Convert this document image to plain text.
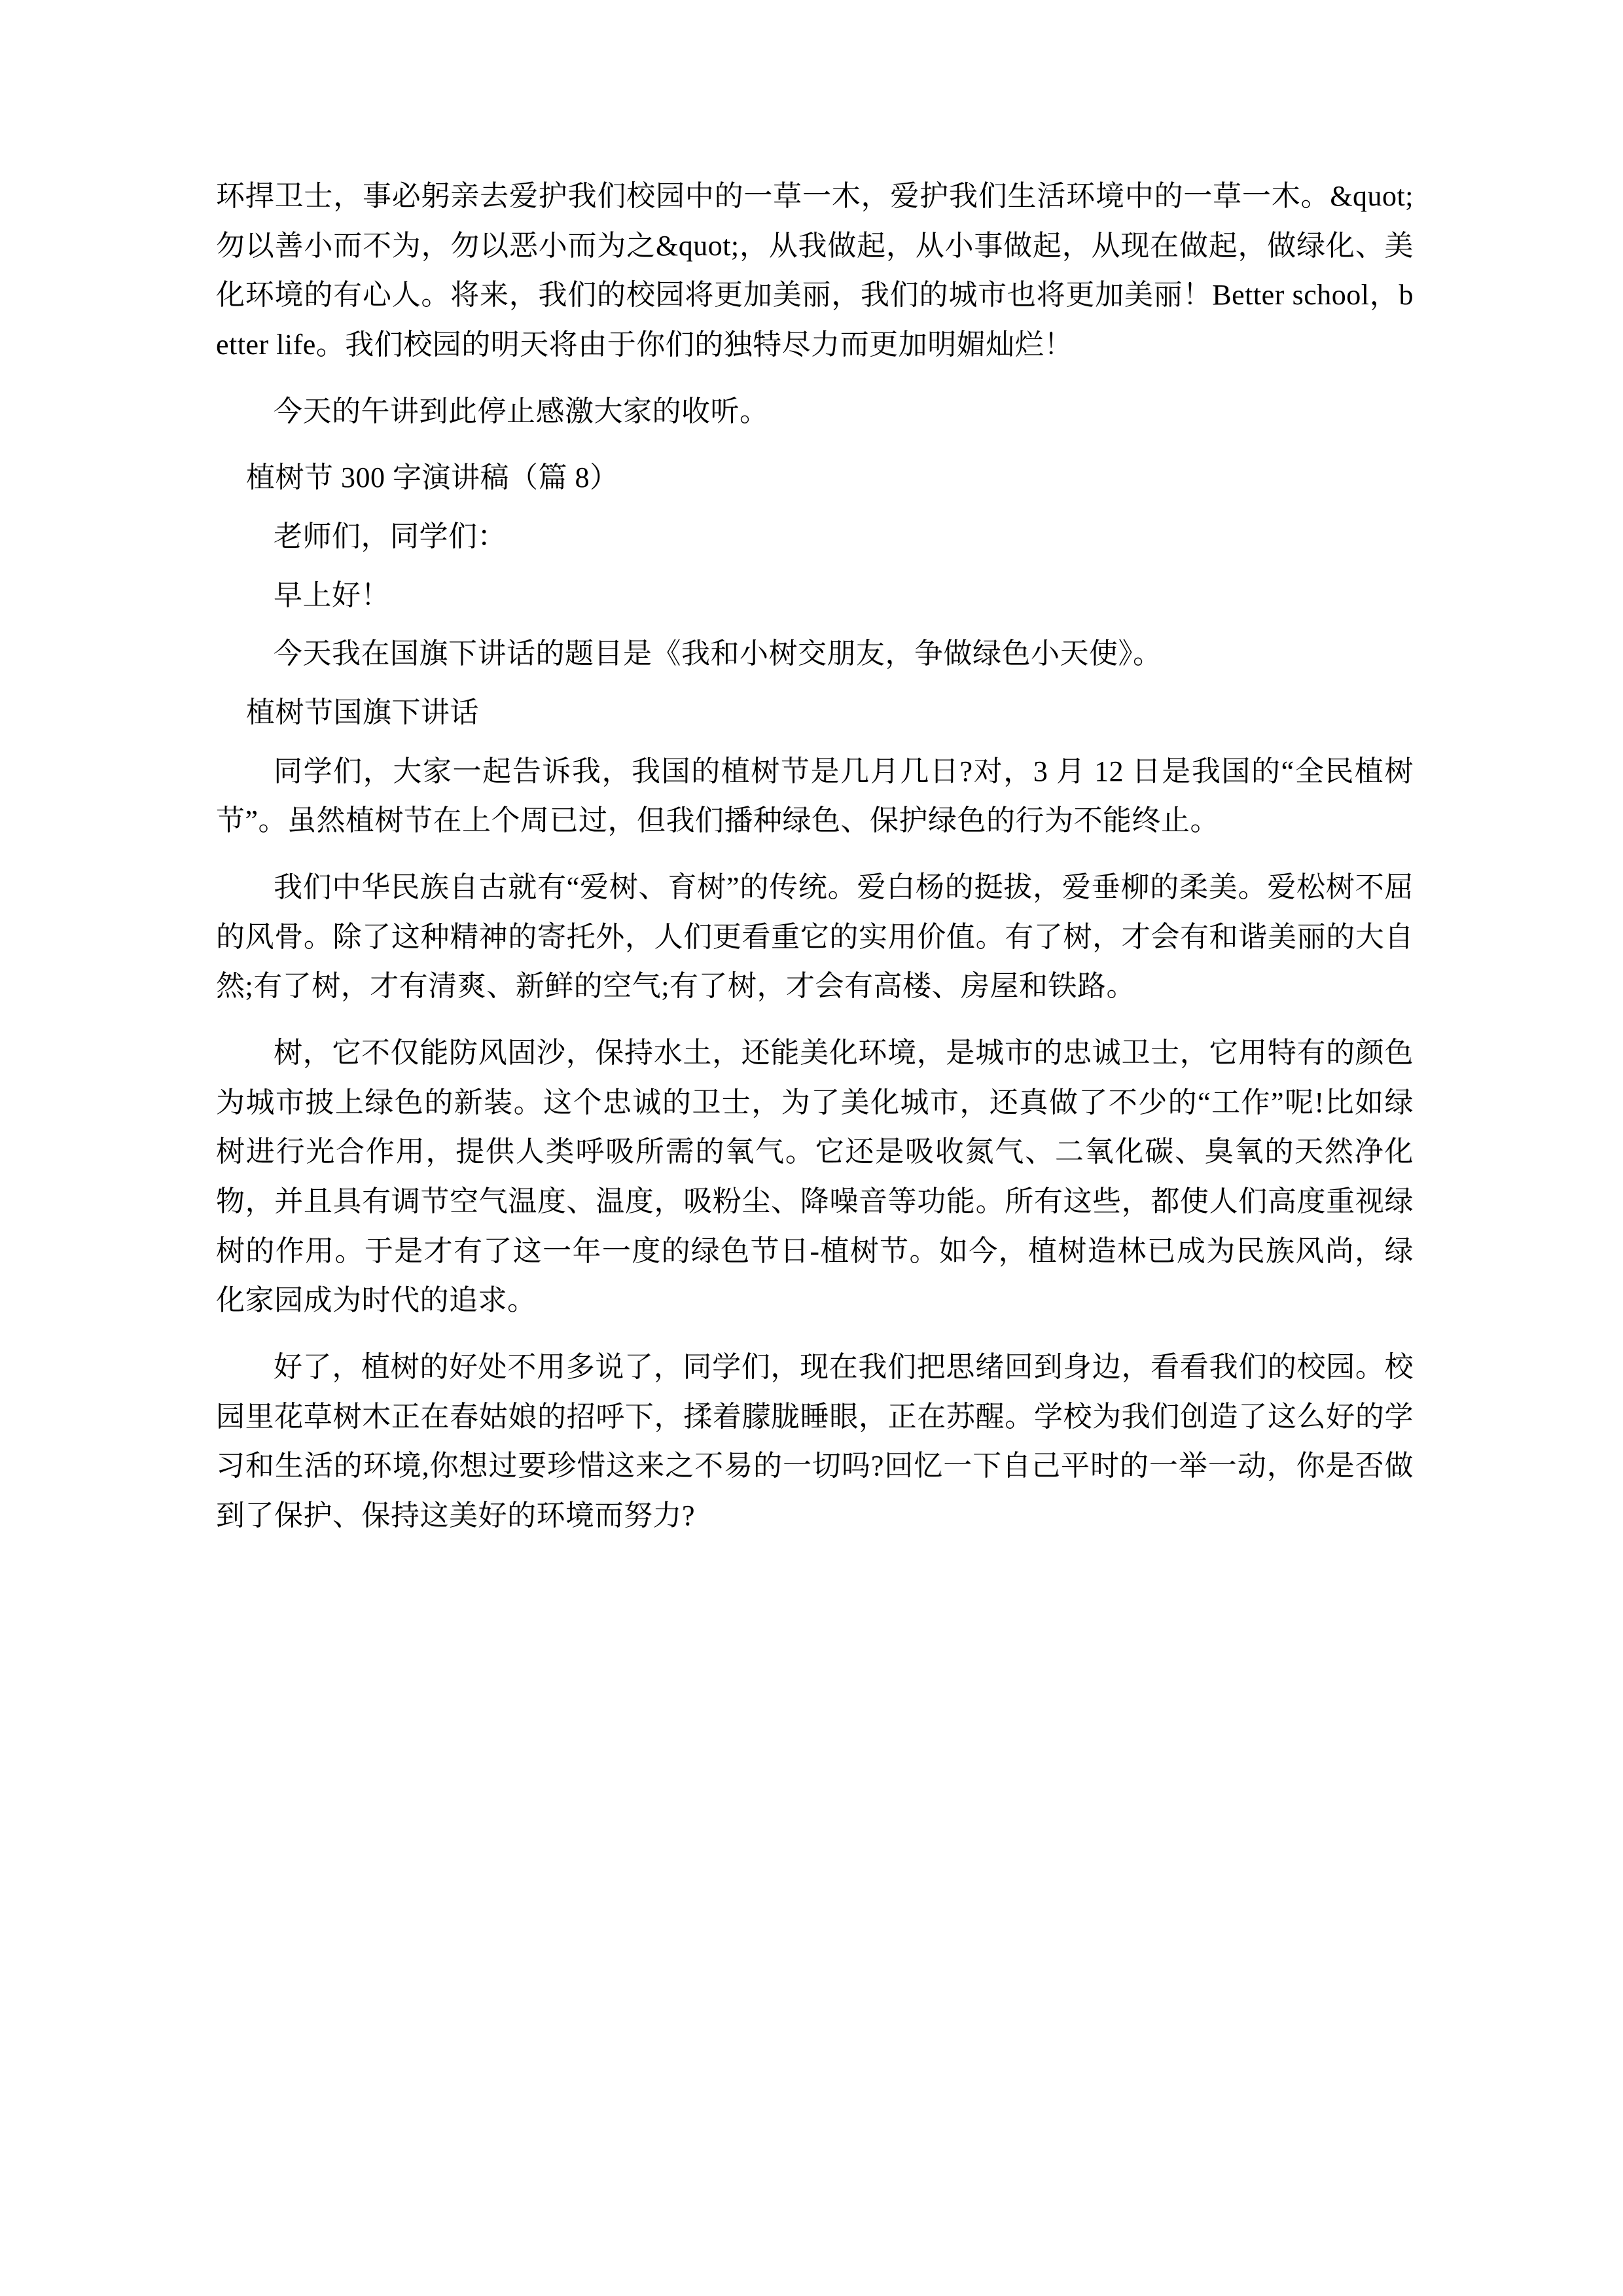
环捍卫士，事必躬亲去爱护我们校园中的一草一木，爱护我们生活环境中的一草一木。&quot;勿以善小而不为，勿以恶小而为之&quot;，从我做起，从小事做起，从现在做起，做绿化、美化环境的有心人。将来，我们的校园将更加美丽，我们的城市也将更加美丽！Better school，better life。我们校园的明天将由于你们的独特尽力而更加明媚灿烂！

今天的午讲到此停止感激大家的收听。

植树节 300 字演讲稿（篇 8）

老师们，同学们：

早上好！

今天我在国旗下讲话的题目是《我和小树交朋友，争做绿色小天使》。

植树节国旗下讲话

同学们，大家一起告诉我，我国的植树节是几月几日?对，3 月 12 日是我国的“全民植树节”。虽然植树节在上个周已过，但我们播种绿色、保护绿色的行为不能终止。

我们中华民族自古就有“爱树、育树”的传统。爱白杨的挺拔，爱垂柳的柔美。爱松树不屈的风骨。除了这种精神的寄托外，人们更看重它的实用价值。有了树，才会有和谐美丽的大自然;有了树，才有清爽、新鲜的空气;有了树，才会有高楼、房屋和铁路。

树，它不仅能防风固沙，保持水土，还能美化环境，是城市的忠诚卫士，它用特有的颜色为城市披上绿色的新装。这个忠诚的卫士，为了美化城市，还真做了不少的“工作”呢!比如绿树进行光合作用，提供人类呼吸所需的氧气。它还是吸收氮气、二氧化碳、臭氧的天然净化物，并且具有调节空气温度、温度，吸粉尘、降噪音等功能。所有这些，都使人们高度重视绿树的作用。于是才有了这一年一度的绿色节日-植树节。如今，植树造林已成为民族风尚，绿化家园成为时代的追求。

好了，植树的好处不用多说了，同学们，现在我们把思绪回到身边，看看我们的校园。校园里花草树木正在春姑娘的招呼下，揉着朦胧睡眼，正在苏醒。学校为我们创造了这么好的学习和生活的环境,你想过要珍惜这来之不易的一切吗?回忆一下自己平时的一举一动，你是否做到了保护、保持这美好的环境而努力?
